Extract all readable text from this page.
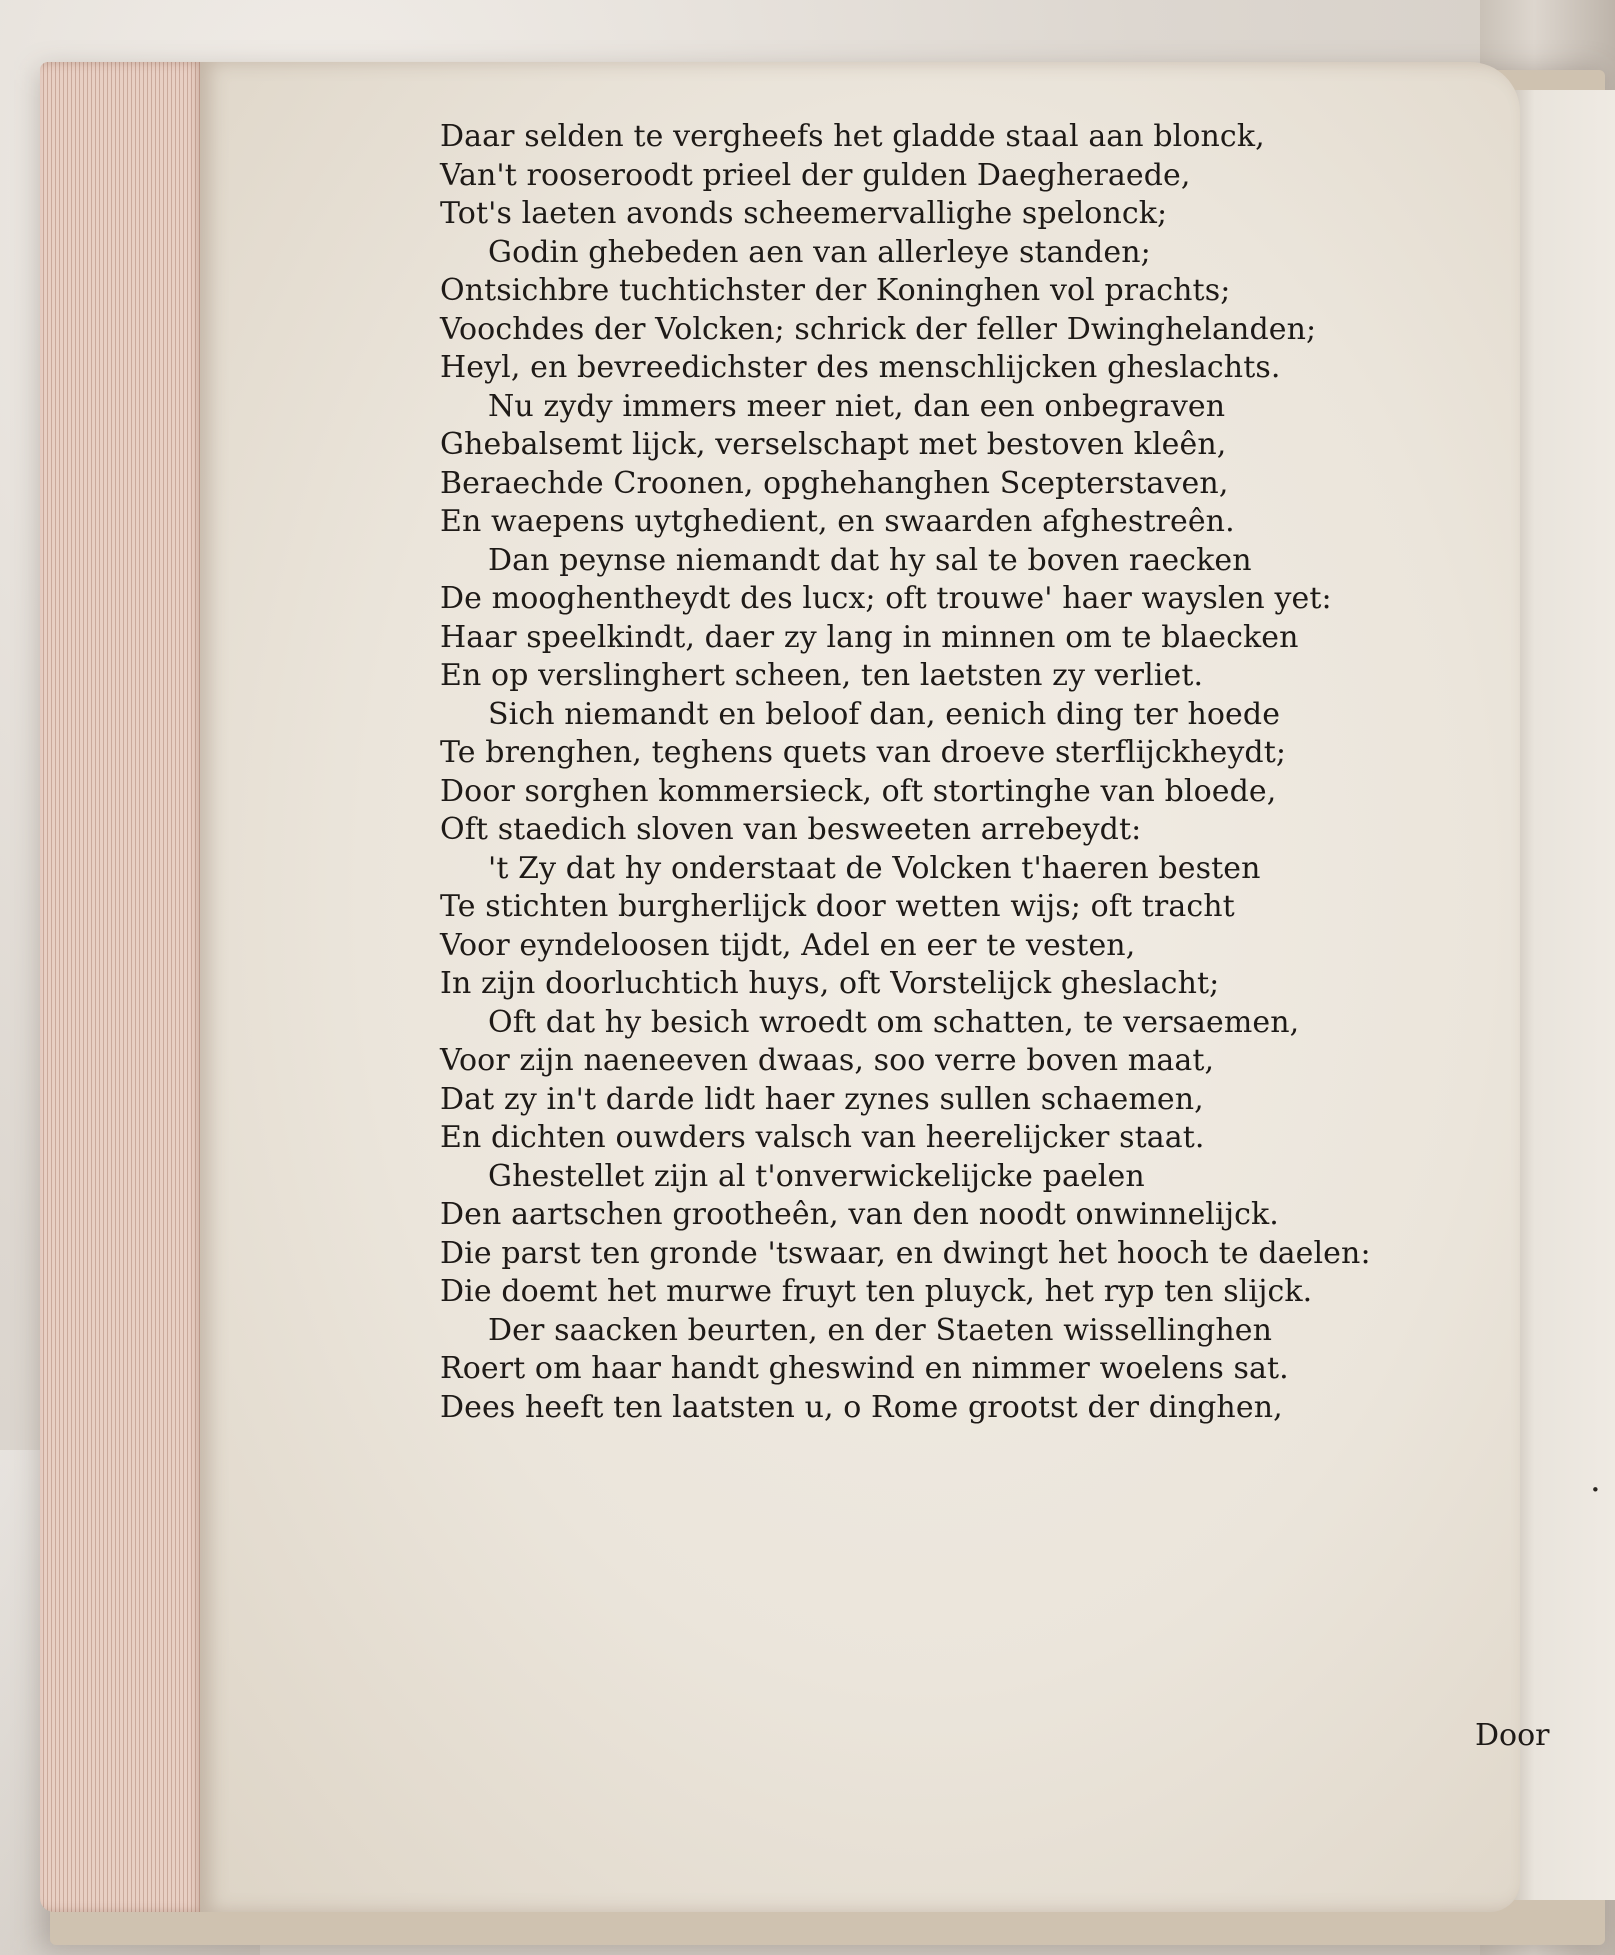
·
Daar selden te vergheefs het gladde staal aan blonck,
Van't rooseroodt prieel der gulden Daegheraede,
Tot's laeten avonds scheemervallighe spelonck;
Godin ghebeden aen van allerleye standen;
Ontsichbre tuchtichster der Koninghen vol prachts;
Voochdes der Volcken; schrick der feller Dwinghelanden;
Heyl, en bevreedichster des menschlijcken gheslachts.
Nu zydy immers meer niet, dan een onbegraven
Ghebalsemt lijck, verselschapt met bestoven kleên,
Beraechde Croonen, opghehanghen Scepterstaven,
En waepens uytghedient, en swaarden afghestreên.
Dan peynse niemandt dat hy sal te boven raecken
De mooghentheydt des lucx; oft trouwe' haer wayslen yet:
Haar speelkindt, daer zy lang in minnen om te blaecken
En op verslinghert scheen, ten laetsten zy verliet.
Sich niemandt en beloof dan, eenich ding ter hoede
Te brenghen, teghens quets van droeve sterflijckheydt;
Door sorghen kommersieck, oft stortinghe van bloede,
Oft staedich sloven van besweeten arrebeydt:
't Zy dat hy onderstaat de Volcken t'haeren besten
Te stichten burgherlijck door wetten wijs; oft tracht
Voor eyndeloosen tijdt, Adel en eer te vesten,
In zijn doorluchtich huys, oft Vorstelijck gheslacht;
Oft dat hy besich wroedt om schatten, te versaemen,
Voor zijn naeneeven dwaas, soo verre boven maat,
Dat zy in't darde lidt haer zynes sullen schaemen,
En dichten ouwders valsch van heerelijcker staat.
Ghestellet zijn al t'onverwickelijcke paelen
Den aartschen grootheên, van den noodt onwinnelijck.
Die parst ten gronde 'tswaar, en dwingt het hooch te daelen:
Die doemt het murwe fruyt ten pluyck, het ryp ten slijck.
Der saacken beurten, en der Staeten wissellinghen
Roert om haar handt gheswind en nimmer woelens sat.
Dees heeft ten laatsten u, o Rome grootst der dinghen,
Door
